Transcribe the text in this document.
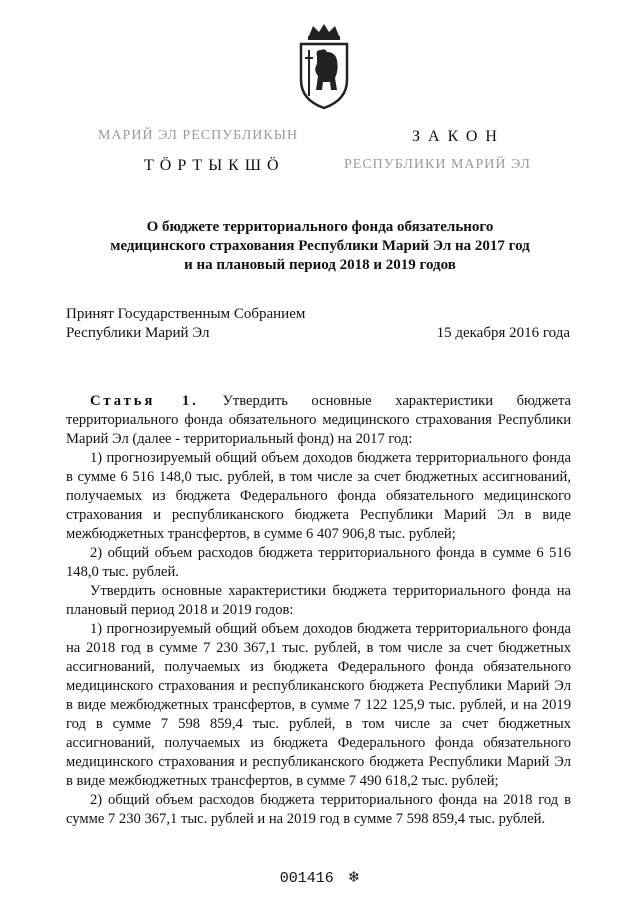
МАРИЙ ЭЛ РЕСПУБЛИКЫН
ТӦРТЫКШӦ
ЗАКОН
РЕСПУБЛИКИ МАРИЙ ЭЛ
О бюджете территориального фонда обязательного
медицинского страхования Республики Марий Эл на 2017 год
и на плановый период 2018 и 2019 годов
Принят Государственным Собранием
Республики Марий Эл	15 декабря 2016 года

Статья 1. Утвердить основные характеристики бюджета территориального фонда обязательного медицинского страхования Республики Марий Эл (далее - территориальный фонд) на 2017 год:

1) прогнозируемый общий объем доходов бюджета территориального фонда в сумме 6 516 148,0 тыс. рублей, в том числе за счет бюджетных ассигнований, получаемых из бюджета Федерального фонда обязательного медицинского страхования и республиканского бюджета Республики Марий Эл в виде межбюджетных трансфертов, в сумме 6 407 906,8 тыс. рублей;

2) общий объем расходов бюджета территориального фонда в сумме 6 516 148,0 тыс. рублей.

Утвердить основные характеристики бюджета территориального фонда на плановый период 2018 и 2019 годов:

1) прогнозируемый общий объем доходов бюджета территориального фонда на 2018 год в сумме 7 230 367,1 тыс. рублей, в том числе за счет бюджетных ассигнований, получаемых из бюджета Федерального фонда обязательного медицинского страхования и республиканского бюджета Республики Марий Эл в виде межбюджетных трансфертов, в сумме 7 122 125,9 тыс. рублей, и на 2019 год в сумме 7 598 859,4 тыс. рублей, в том числе за счет бюджетных ассигнований, получаемых из бюджета Федерального фонда обязательного медицинского страхования и республиканского бюджета Республики Марий Эл в виде межбюджетных трансфертов, в сумме 7 490 618,2 тыс. рублей;

2) общий объем расходов бюджета территориального фонда на 2018 год в сумме 7 230 367,1 тыс. рублей и на 2019 год в сумме 7 598 859,4 тыс. рублей.

001416 ❄
